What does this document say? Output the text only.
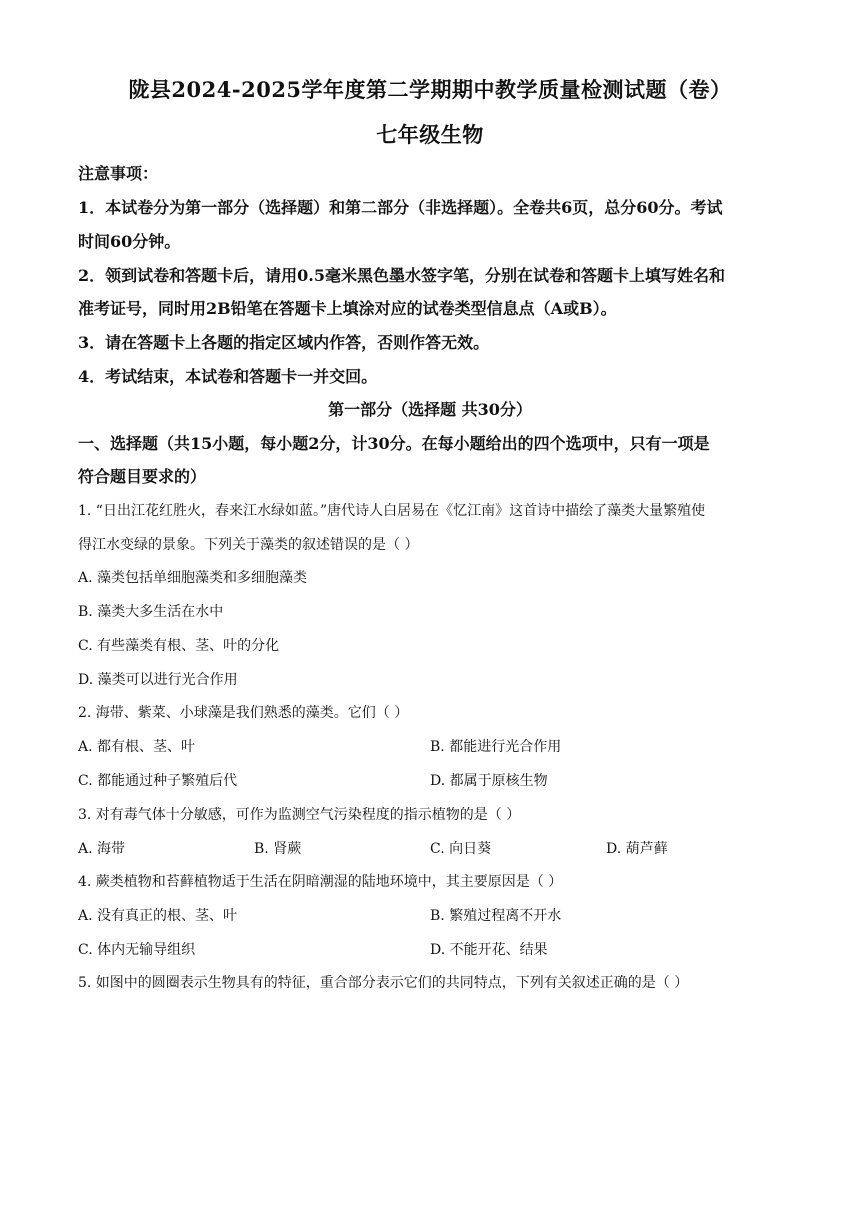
陇县2024-2025学年度第二学期期中教学质量检测试题（卷）
七年级生物
注意事项：
1．本试卷分为第一部分（选择题）和第二部分（非选择题）。全卷共6页，总分60分。考试
时间60分钟。
2．领到试卷和答题卡后，请用0.5毫米黑色墨水签字笔，分别在试卷和答题卡上填写姓名和
准考证号，同时用2B铅笔在答题卡上填涂对应的试卷类型信息点（A或B）。
3．请在答题卡上各题的指定区域内作答，否则作答无效。
4．考试结束，本试卷和答题卡一并交回。
第一部分（选择题 共30分）
一、选择题（共15小题，每小题2分，计30分。在每小题给出的四个选项中，只有一项是
符合题目要求的）
1. “日出江花红胜火，春来江水绿如蓝。”唐代诗人白居易在《忆江南》这首诗中描绘了藻类大量繁殖使
得江水变绿的景象。下列关于藻类的叙述错误的是（ ）
A. 藻类包括单细胞藻类和多细胞藻类
B. 藻类大多生活在水中
C. 有些藻类有根、茎、叶的分化
D. 藻类可以进行光合作用
2. 海带、紫菜、小球藻是我们熟悉的藻类。它们（ ）
A. 都有根、茎、叶	B. 都能进行光合作用
C. 都能通过种子繁殖后代	D. 都属于原核生物
3. 对有毒气体十分敏感，可作为监测空气污染程度的指示植物的是（ ）
A. 海带	B. 肾蕨	C. 向日葵	D. 葫芦藓
4. 蕨类植物和苔藓植物适于生活在阴暗潮湿的陆地环境中，其主要原因是（ ）
A. 没有真正的根、茎、叶	B. 繁殖过程离不开水
C. 体内无输导组织	D. 不能开花、结果
5. 如图中的圆圈表示生物具有的特征，重合部分表示它们的共同特点，下列有关叙述正确的是（ ）
